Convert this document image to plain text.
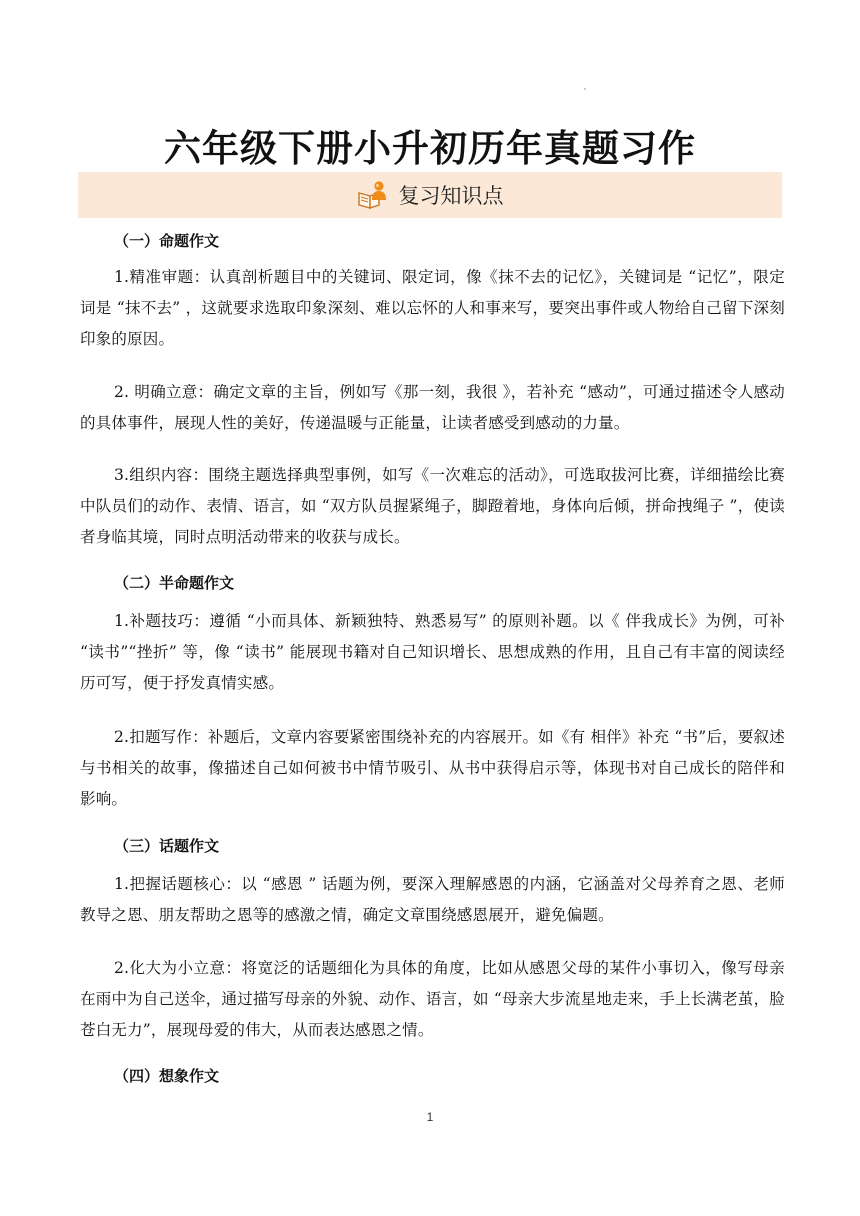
六年级下册小升初历年真题习作
复习知识点
（一）命题作文
1.精准审题：认真剖析题目中的关键词、限定词，像《抹不去的记忆》，关键词是 “记忆”，限定词是 “抹不去” ，这就要求选取印象深刻、难以忘怀的人和事来写，要突出事件或人物给自己留下深刻印象的原因。
2. 明确立意：确定文章的主旨，例如写《那一刻，我很 》，若补充 “感动”，可通过描述令人感动的具体事件，展现人性的美好，传递温暖与正能量，让读者感受到感动的力量。
3.组织内容：围绕主题选择典型事例，如写《一次难忘的活动》，可选取拔河比赛，详细描绘比赛中队员们的动作、表情、语言，如 “双方队员握紧绳子，脚蹬着地，身体向后倾，拼命拽绳子 ”，使读者身临其境，同时点明活动带来的收获与成长。
（二）半命题作文
1.补题技巧：遵循 “小而具体、新颖独特、熟悉易写” 的原则补题。以《 伴我成长》为例，可补 “读书”“挫折” 等，像 “读书” 能展现书籍对自己知识增长、思想成熟的作用，且自己有丰富的阅读经历可写，便于抒发真情实感。
2.扣题写作：补题后，文章内容要紧密围绕补充的内容展开。如《有 相伴》补充 “书”后，要叙述与书相关的故事，像描述自己如何被书中情节吸引、从书中获得启示等，体现书对自己成长的陪伴和影响。
（三）话题作文
1.把握话题核心：以 “感恩 ” 话题为例，要深入理解感恩的内涵，它涵盖对父母养育之恩、老师教导之恩、朋友帮助之恩等的感激之情，确定文章围绕感恩展开，避免偏题。
2.化大为小立意：将宽泛的话题细化为具体的角度，比如从感恩父母的某件小事切入，像写母亲在雨中为自己送伞，通过描写母亲的外貌、动作、语言，如 “母亲大步流星地走来，手上长满老茧，脸苍白无力”，展现母爱的伟大，从而表达感恩之情。
（四）想象作文
1
